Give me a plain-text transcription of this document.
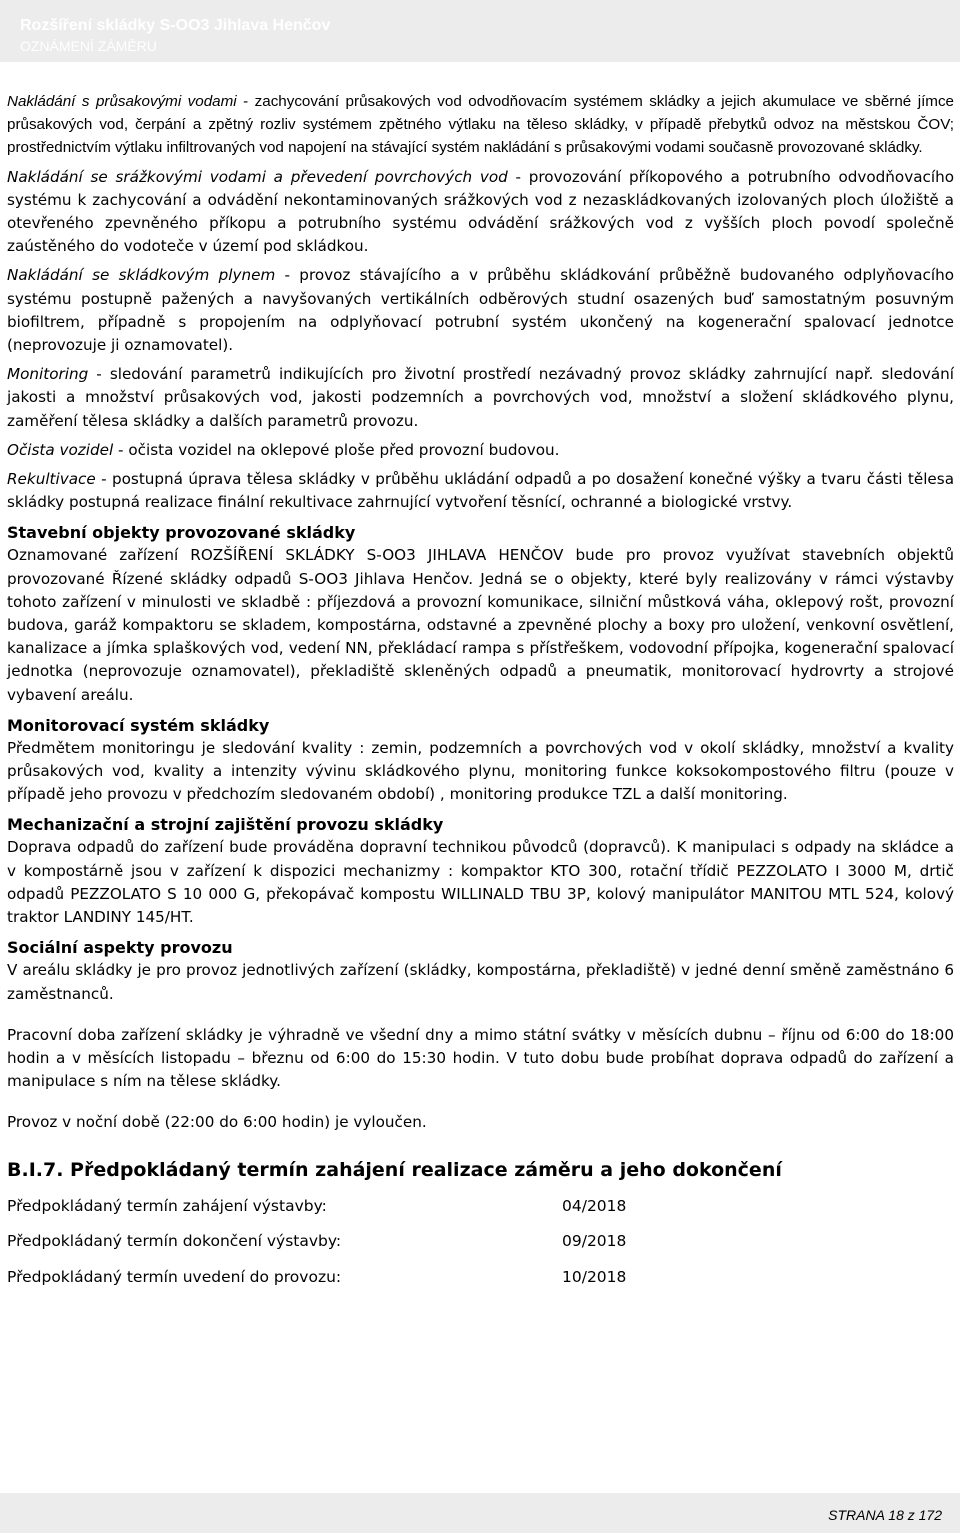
Rozšíření skládky S-OO3 Jihlava Henčov
OZNÁMENÍ ZÁMĚRU

Nakládání s průsakovými vodami - zachycování průsakových vod odvodňovacím systémem skládky a jejich akumulace ve sběrné jímce průsakových vod, čerpání a zpětný rozliv systémem zpětného výtlaku na těleso skládky, v případě přebytků odvoz na městskou ČOV; prostřednictvím výtlaku infiltrovaných vod napojení na stávající systém nakládání s průsakovými vodami současně provozované skládky.

Nakládání se srážkovými vodami a převedení povrchových vod - provozování příkopového a potrubního odvodňovacího systému k zachycování a odvádění nekontaminovaných srážkových vod z nezaskládkovaných izolovaných ploch úložiště a otevřeného zpevněného příkopu a potrubního systému odvádění srážkových vod z vyšších ploch povodí společně zaústěného do vodoteče v území pod skládkou.

Nakládání se skládkovým plynem - provoz stávajícího a v průběhu skládkování průběžně budovaného odplyňovacího systému postupně pažených a navyšovaných vertikálních odběrových studní osazených buď samostatným posuvným biofiltrem, případně s propojením na odplyňovací potrubní systém ukončený na kogenerační spalovací jednotce (neprovozuje ji oznamovatel).

Monitoring - sledování parametrů indikujících pro životní prostředí nezávadný provoz skládky zahrnující např. sledování jakosti a množství průsakových vod, jakosti podzemních a povrchových vod, množství a složení skládkového plynu, zaměření tělesa skládky a dalších parametrů provozu.

Očista vozidel - očista vozidel na oklepové ploše před provozní budovou.

Rekultivace - postupná úprava tělesa skládky v průběhu ukládání odpadů a po dosažení konečné výšky a tvaru části tělesa skládky postupná realizace finální rekultivace zahrnující vytvoření těsnící, ochranné a biologické vrstvy.

Stavební objekty provozované skládky

Oznamované zařízení ROZŠÍŘENÍ SKLÁDKY S-OO3 JIHLAVA HENČOV bude pro provoz využívat stavebních objektů provozované Řízené skládky odpadů S-OO3 Jihlava Henčov. Jedná se o objekty, které byly realizovány v rámci výstavby tohoto zařízení v minulosti ve skladbě : příjezdová a provozní komunikace, silniční můstková váha, oklepový rošt, provozní budova, garáž kompaktoru se skladem, kompostárna, odstavné a zpevněné plochy a boxy pro uložení, venkovní osvětlení, kanalizace a jímka splaškových vod, vedení NN, překládací rampa s přístřeškem, vodovodní přípojka, kogenerační spalovací jednotka (neprovozuje oznamovatel), překladiště skleněných odpadů a pneumatik, monitorovací hydrovrty a strojové vybavení areálu.

Monitorovací systém skládky

Předmětem monitoringu je sledování kvality : zemin, podzemních a povrchových vod v okolí skládky, množství a kvality průsakových vod, kvality a intenzity vývinu skládkového plynu, monitoring funkce koksokompostového filtru (pouze v případě jeho provozu v předchozím sledovaném období) , monitoring produkce TZL a další monitoring.

Mechanizační a strojní zajištění provozu skládky

Doprava odpadů do zařízení bude prováděna dopravní technikou původců (dopravců). K manipulaci s odpady na skládce a v kompostárně jsou v zařízení k dispozici mechanizmy : kompaktor KTO 300, rotační třídič PEZZOLATO I 3000 M, drtič odpadů PEZZOLATO S 10 000 G, překopávač kompostu WILLINALD TBU 3P, kolový manipulátor MANITOU MTL 524, kolový traktor LANDINY 145/HT.

Sociální aspekty provozu

V areálu skládky je pro provoz jednotlivých zařízení (skládky, kompostárna, překladiště) v jedné denní směně zaměstnáno 6 zaměstnanců.

Pracovní doba zařízení skládky je výhradně ve všední dny a mimo státní svátky v měsících dubnu – říjnu od 6:00 do 18:00 hodin a v měsících listopadu – březnu od 6:00 do 15:30 hodin. V tuto dobu bude probíhat doprava odpadů do zařízení a manipulace s ním na tělese skládky.

Provoz v noční době (22:00 do 6:00 hodin) je vyloučen.

B.I.7. Předpokládaný termín zahájení realizace záměru a jeho dokončení
Předpokládaný termín zahájení výstavby:	04/2018
Předpokládaný termín dokončení výstavby:	09/2018
Předpokládaný termín uvedení do provozu:	10/2018
STRANA 18 z 172
